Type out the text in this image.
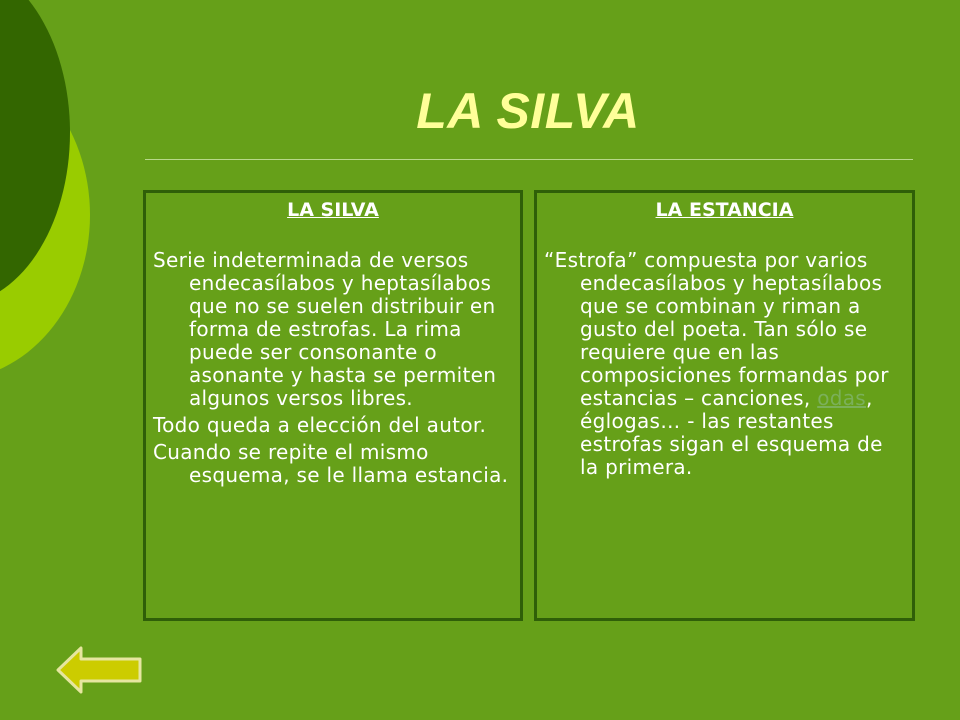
LA SILVA
LA SILVA

Serie indeterminada de versos endecasílabos y heptasílabos que no se suelen distribuir en forma de estrofas. La rima puede ser consonante o asonante y hasta se permiten algunos versos libres.

Todo queda a elección del autor.

Cuando se repite el mismo esquema, se le llama estancia.

LA ESTANCIA

“Estrofa” compuesta por varios endecasílabos y heptasílabos que se combinan y riman a gusto del poeta. Tan sólo se requiere que en las composiciones formandas por estancias – canciones, odas, églogas… - las restantes estrofas sigan el esquema de la primera.
